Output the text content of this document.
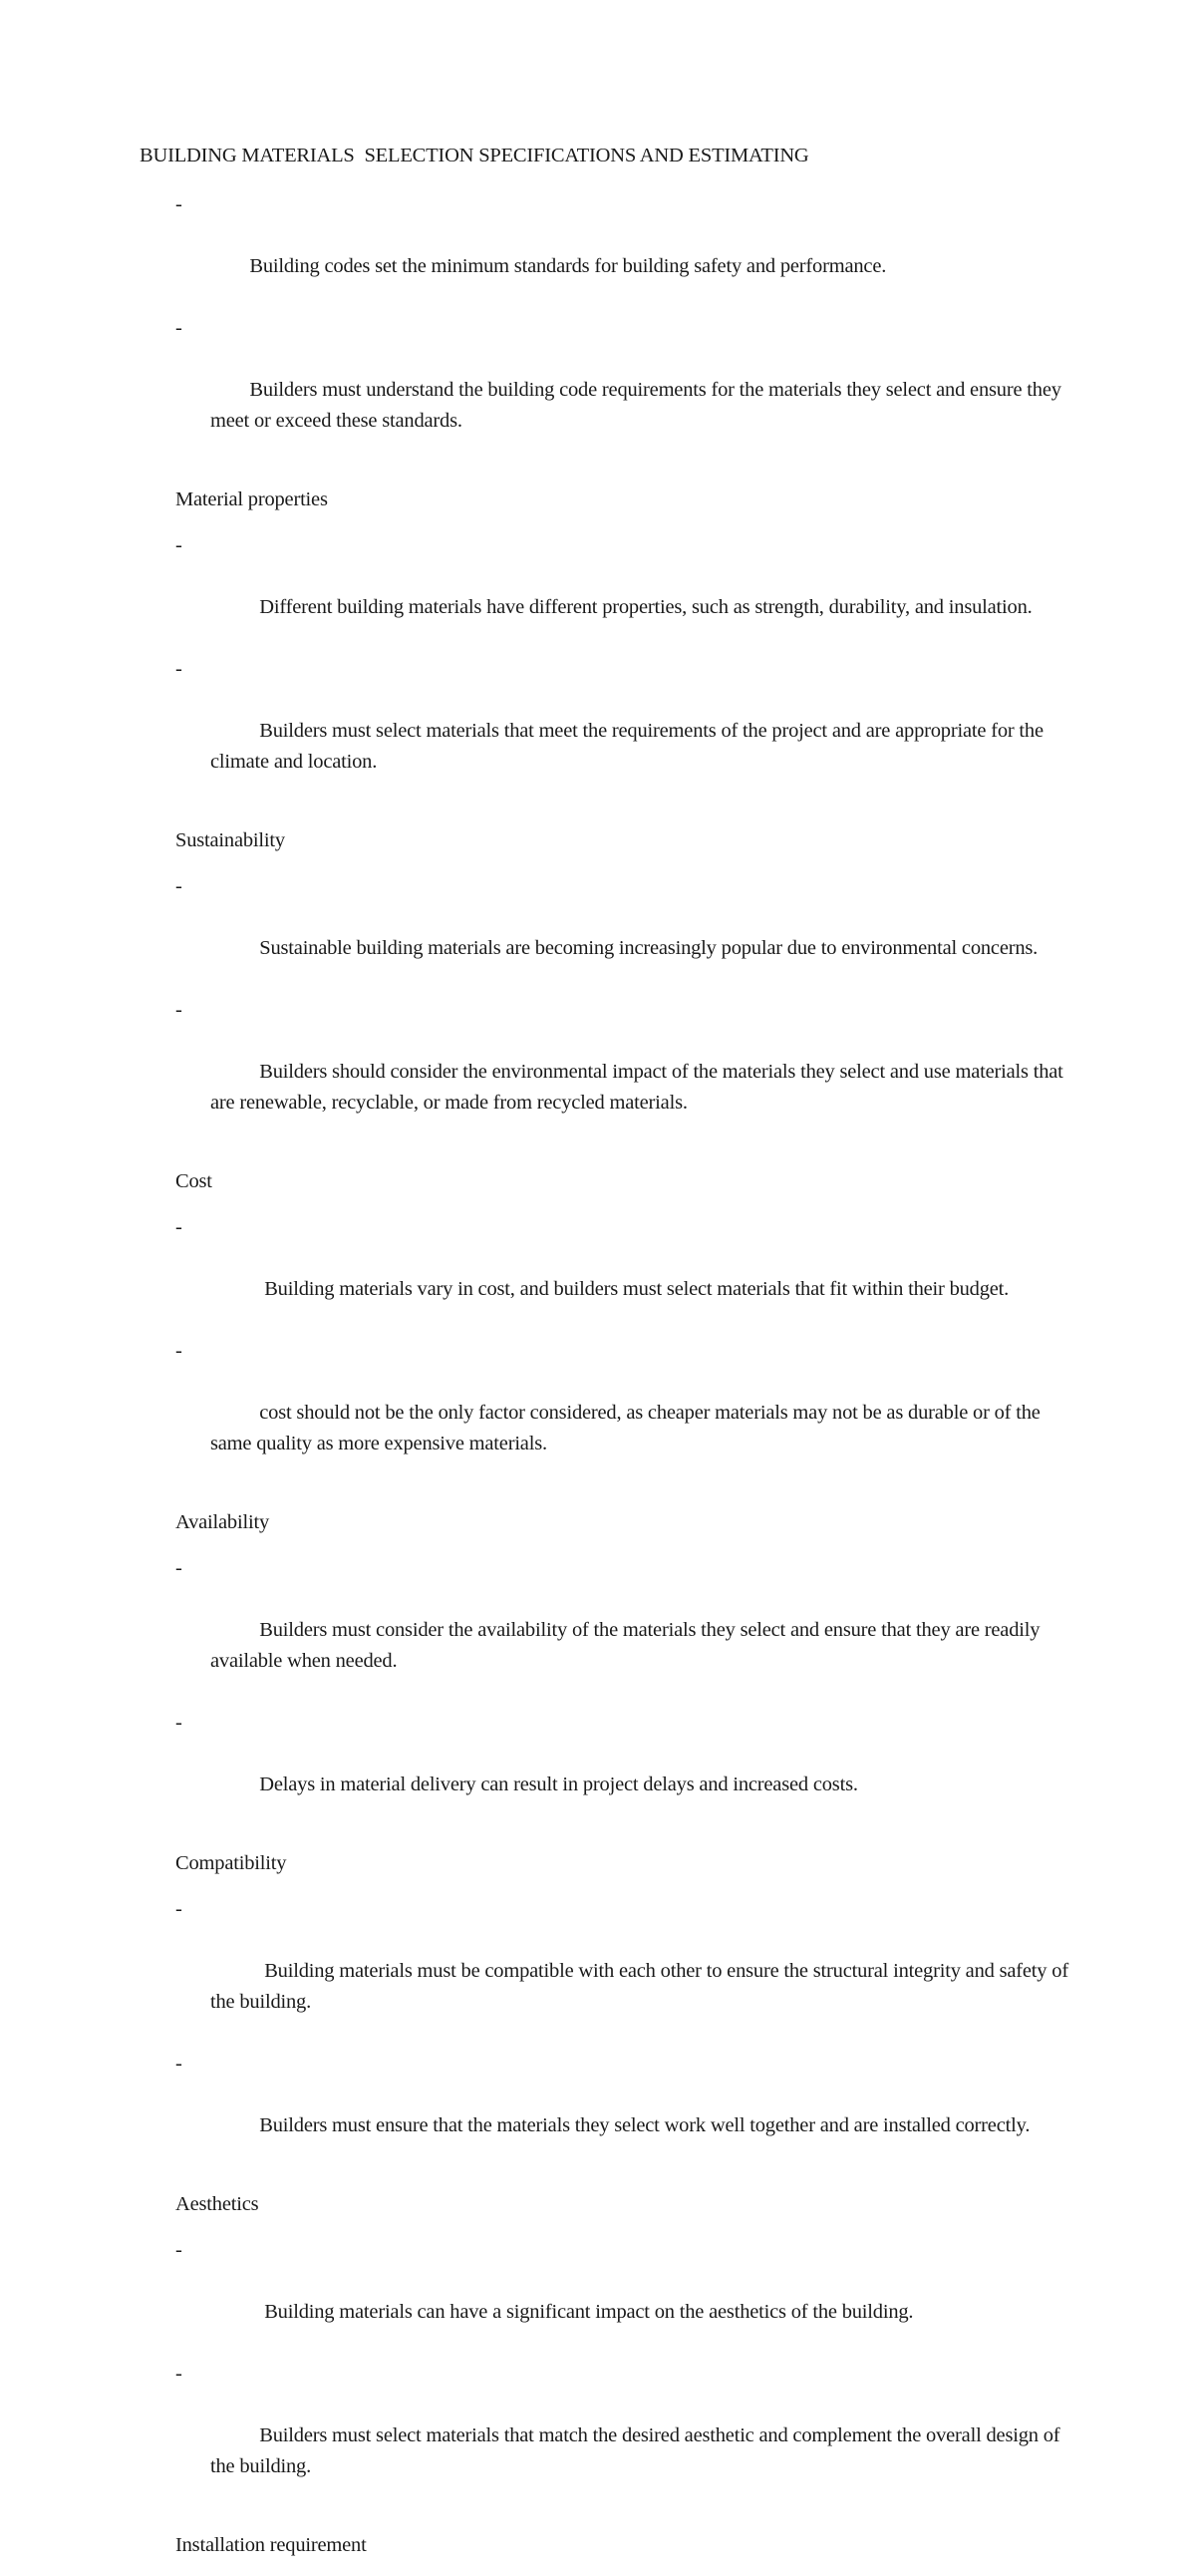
BUILDING MATERIALS  SELECTION SPECIFICATIONS AND ESTIMATING

-

Building codes set the minimum standards for building safety and performance.

-

Builders must understand the building code requirements for the materials they select and ensure they meet or exceed these standards.

Material properties

-

Different building materials have different properties, such as strength, durability, and insulation.

-

Builders must select materials that meet the requirements of the project and are appropriate for the climate and location.

Sustainability

-

Sustainable building materials are becoming increasingly popular due to environmental concerns.

-

Builders should consider the environmental impact of the materials they select and use materials that are renewable, recyclable, or made from recycled materials.

Cost

-

Building materials vary in cost, and builders must select materials that fit within their budget.

-

cost should not be the only factor considered, as cheaper materials may not be as durable or of the same quality as more expensive materials.

Availability

-

Builders must consider the availability of the materials they select and ensure that they are readily available when needed.

-

Delays in material delivery can result in project delays and increased costs.

Compatibility

-

Building materials must be compatible with each other to ensure the structural integrity and safety of the building.

-

Builders must ensure that the materials they select work well together and are installed correctly.

Aesthetics

-

Building materials can have a significant impact on the aesthetics of the building.

-

Builders must select materials that match the desired aesthetic and complement the overall design of the building.

Installation requirement
